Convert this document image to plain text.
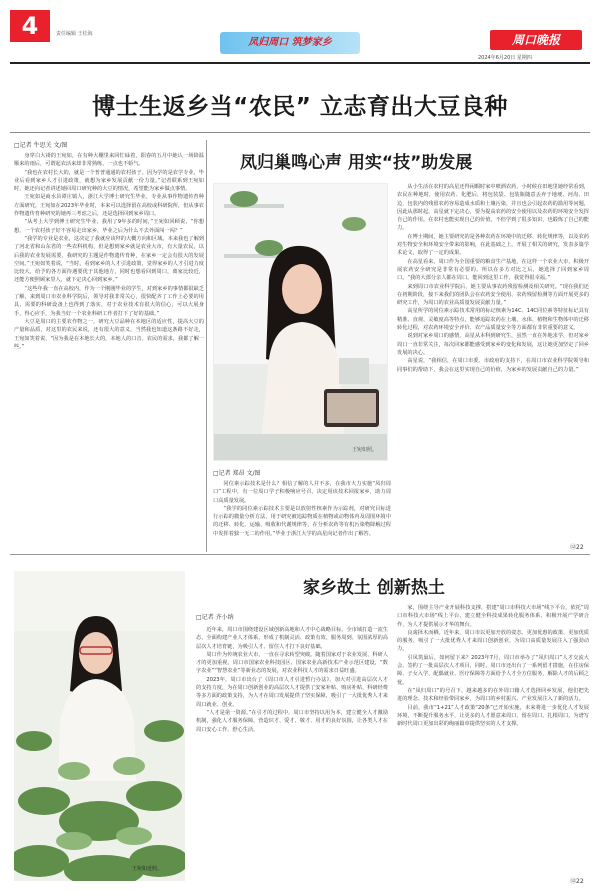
4	责任编辑 王松海
凤归周口 筑梦家乡	周口晚报
2024年6月20日 星期四
博士生返乡当“农民” 立志育出大豆良种
□记者 牛思关 文/图

身穿白大褂的王宛如，在有种大棚里来回忙碌着，阳春的五月中她认一场降温顺来的雨后，可谓起农活来却非常熟练，一点也不娇气。

“我也在农村长大的，就是一个普普通通的农村孩子。因为学的是农学专业，毕业后看到家乡人才引进政策，就想为家乡发展贡献一份力量。”记者联系到王宛如时，她还向记者讲述她回周口研究种的大豆的情况，希望能为家乡做点事情。

王宛如是商水县谭庄镇人，浙江大学博士研究生毕业，专业从事作物遗传育种方面研究。王宛如在2023年毕业时，本来可以选择留在高校或科研院所，但从事农作物遗传育种研究的她再三考虑之后，还是选择回到家乡周口。

“从考上大学到博士研究生毕业，我用了9年多的时间，”王宛如回顾说，“你想想，一个农村孩子好不容易走出家乡，毕业之后为什么不去外面闯一闯？”

“我学的专业是农业，这决定了我就应该拜的大概方向和区域。本来我也了解到了河北省和山东省的一些农科机构，但是想到家乡就是农业大市，有大量农民，以后我的农业发展需要，我研究的主题是作物遗传育种，在家乡一定会有很大的发展空间。”王宛如笑着说，“当时，看到家乡的人才引进政策，觉得家乡的人才引进力度比较大，给予的各方面待遇要优于其他地方，同时也想看回到周口，离家比较近，还能方便照顾家里人，就下定决心回到家乡。”

“这些年我一直在高校内，作为一个刚刚毕业的学生，对到家乡的事情都很缺乏了解，来到周口市农业科学院后，领导对我非常关心，很快配齐了工作上必要的用具，需要的科研设备上也得到了落实，对于农业技术有很大的信心，可以大展身手，得心应手，为我当好一个农业科研工作者打下了好的基础。”

大豆是周口的主要农作物之一，研究大豆品种在本地区的适应性，提高大豆的产量和品质，对这里的农民来说，还有很大的意义，当然我也知道这条路不好走，王宛如笑着说，“因为我是在本地长大的，本地人的口音、农民的需求，我都了解一些。”

凤归巢鸣心声 用实“技”助发展
王宛如照。

从小生活在农村的高星还得闲暇时家中喷洒农药，小时候在田地里她经常看到，农民在种地时，使用农药、化肥后，将包装袋、包装瓶随意丢弃于地埂、河沟、田边，包装内的残留农药容易造成水质和土壤污染，并且也会引起农药的滥用等问题，因此从那时起，高星就下定决心，要为提高农药的安全使用以及农药的环境安全发挥自己的作用。在农村也能实现自己的价值，不但学到了很多知识，也锻炼了自己的能力。

在博士期间，她主要研究的是各种农药在环境中的迁移、转化规律等，以及农药对生物安全和环境安全带来的影响，在此基础之上，开展了相关的研究，发表多篇学术论文，取得了一定的成果。

在高星看来，周口作为全国重要的粮食生产基地，在这样一个农业大市，积极开展农药安全研究是非常有必要的。所以在多方对比之后，她选择了回到家乡周口。“我的大部分亲人都在周口，能回到这里工作，我觉得很幸福。”

来到周口市农业科学院后，她主要从事农药残留检测及相关研究。“现在我们还在初期阶段，接下来我们的团队会在农药安全使用、农药残留检测等方面开展更多的研究工作，为周口的农业高质量发展贡献力量。”

高星所学的同位素示踪技术常用的标记核素为14C、14C同位素等特征标记具有精准、直观、灵敏度高等特点，能够追踪农药在土壤、水体、植物和生物体中的迁移转化过程，对农药环境安全评价、农产品质量安全等方面都有非常重要的意义。

说到对家乡周口的感情，高星从本科到研究生，虽然一直在外地求学，但对家乡周口一直非常关注，每次回家都能感受到家乡的变化和发展，这让她更加坚定了回乡发展的决心。

高星说，“我相信，在周口市委、市政府的支持下，在周口市农业科学院领导和同事们的帮助下，我会在这里实现自己的价值，为家乡的发展贡献自己的力量。”

⑫22
□记者 郑昂 文/图

同位素示踪技术是什么？相信了解的人并不多，在我市大力实施“凤归周口”工程中，有一位周口学子积极响应号召，决定用该技术回报家乡，助力周口高质量发展。

“我学的同位素示踪技术主要是以放射性核素作为示踪剂，对研究目标进行示踪的微量分析方法，用于研究被追踪物质在植物或动物体内及周围环境中的迁移、转化、运输、吸收和代谢规律等，在分析农药等有机污染物降解过程中发挥着独一无二的作用。”毕业于浙江大学的高星向记者作出了解答。

王宛如近照。
家乡故土 创新热土
□记者 齐小纳

近年来，周口市围绕建设区域创新高地和人才中心战略目标，全市域打造一流生态，全面构建产业人才体系，形成了机制灵活、政策有效、服务周到、氛围浓厚的高层次人才培育链，为吸引人才、留住人才打下良好基础。

周口作为传统农业大市，一直在寻求转型突破。随着国家对于农业发展、科研人才的更加重视，周口市国家农业科技园区、国家农业高新技术产业示范区建设，“数字农业”“智慧农业”等新业态的发展，对农业科技人才的需求日益旺盛。

2023年，周口市出台了《周口市人才引进暂行办法》，加大对引进高层次人才的支持力度，为在周口创新创业的高层次人才提供了安家补贴、购房补贴、科研经费等多方面的政策支持，为人才在周口发展提供了坚实保障，吸引了一大批优秀人才来周口就业、创业。

“人才是第一资源。”在引才的过程中，周口市坚持以用为本，建立健全人才激励机制，强化人才服务保障，营造识才、爱才、敬才、用才的良好氛围，让各类人才在周口安心工作、舒心生活。

家，围绕主导产业开展科技支撑，搭建“周口市科技大市场”线下平台，依托“周口市科技大市场”线上平台，建立健全科技成果转化服务体系，积极开展产学研合作，为人才提供展示才华的舞台。

良禽择木而栖。近年来，周口市以更加开放的姿态、更加优惠的政策、更加优质的服务，吸引了一大批优秀人才来周口创新创业，为周口高质量发展注入了强劲动力。

引凤筑巢后，如何留下来？2023年7月，周口市举办了“凤归周口”人才交流大会，签约了一批高层次人才项目，同时，周口市还出台了一系列留才措施，在住房保障、子女入学、配偶就业、医疗保障等方面给予人才全方位服务，解除人才的后顾之忧。

在“凤归周口”的号召下，越来越多的在外周口籍人才选择回乡发展，他们把先进的理念、技术和经验带回家乡，为周口的乡村振兴、产业发展注入了新的活力。

目前，我市“1+21”人才政策“20条”已开始实施，未来将进一步优化人才发展环境，不断提升服务水平，让更多的人才愿意来周口、留在周口、扎根周口，为谱写新时代周口更加出彩的绚丽篇章提供坚实的人才支撑。

⑫22
